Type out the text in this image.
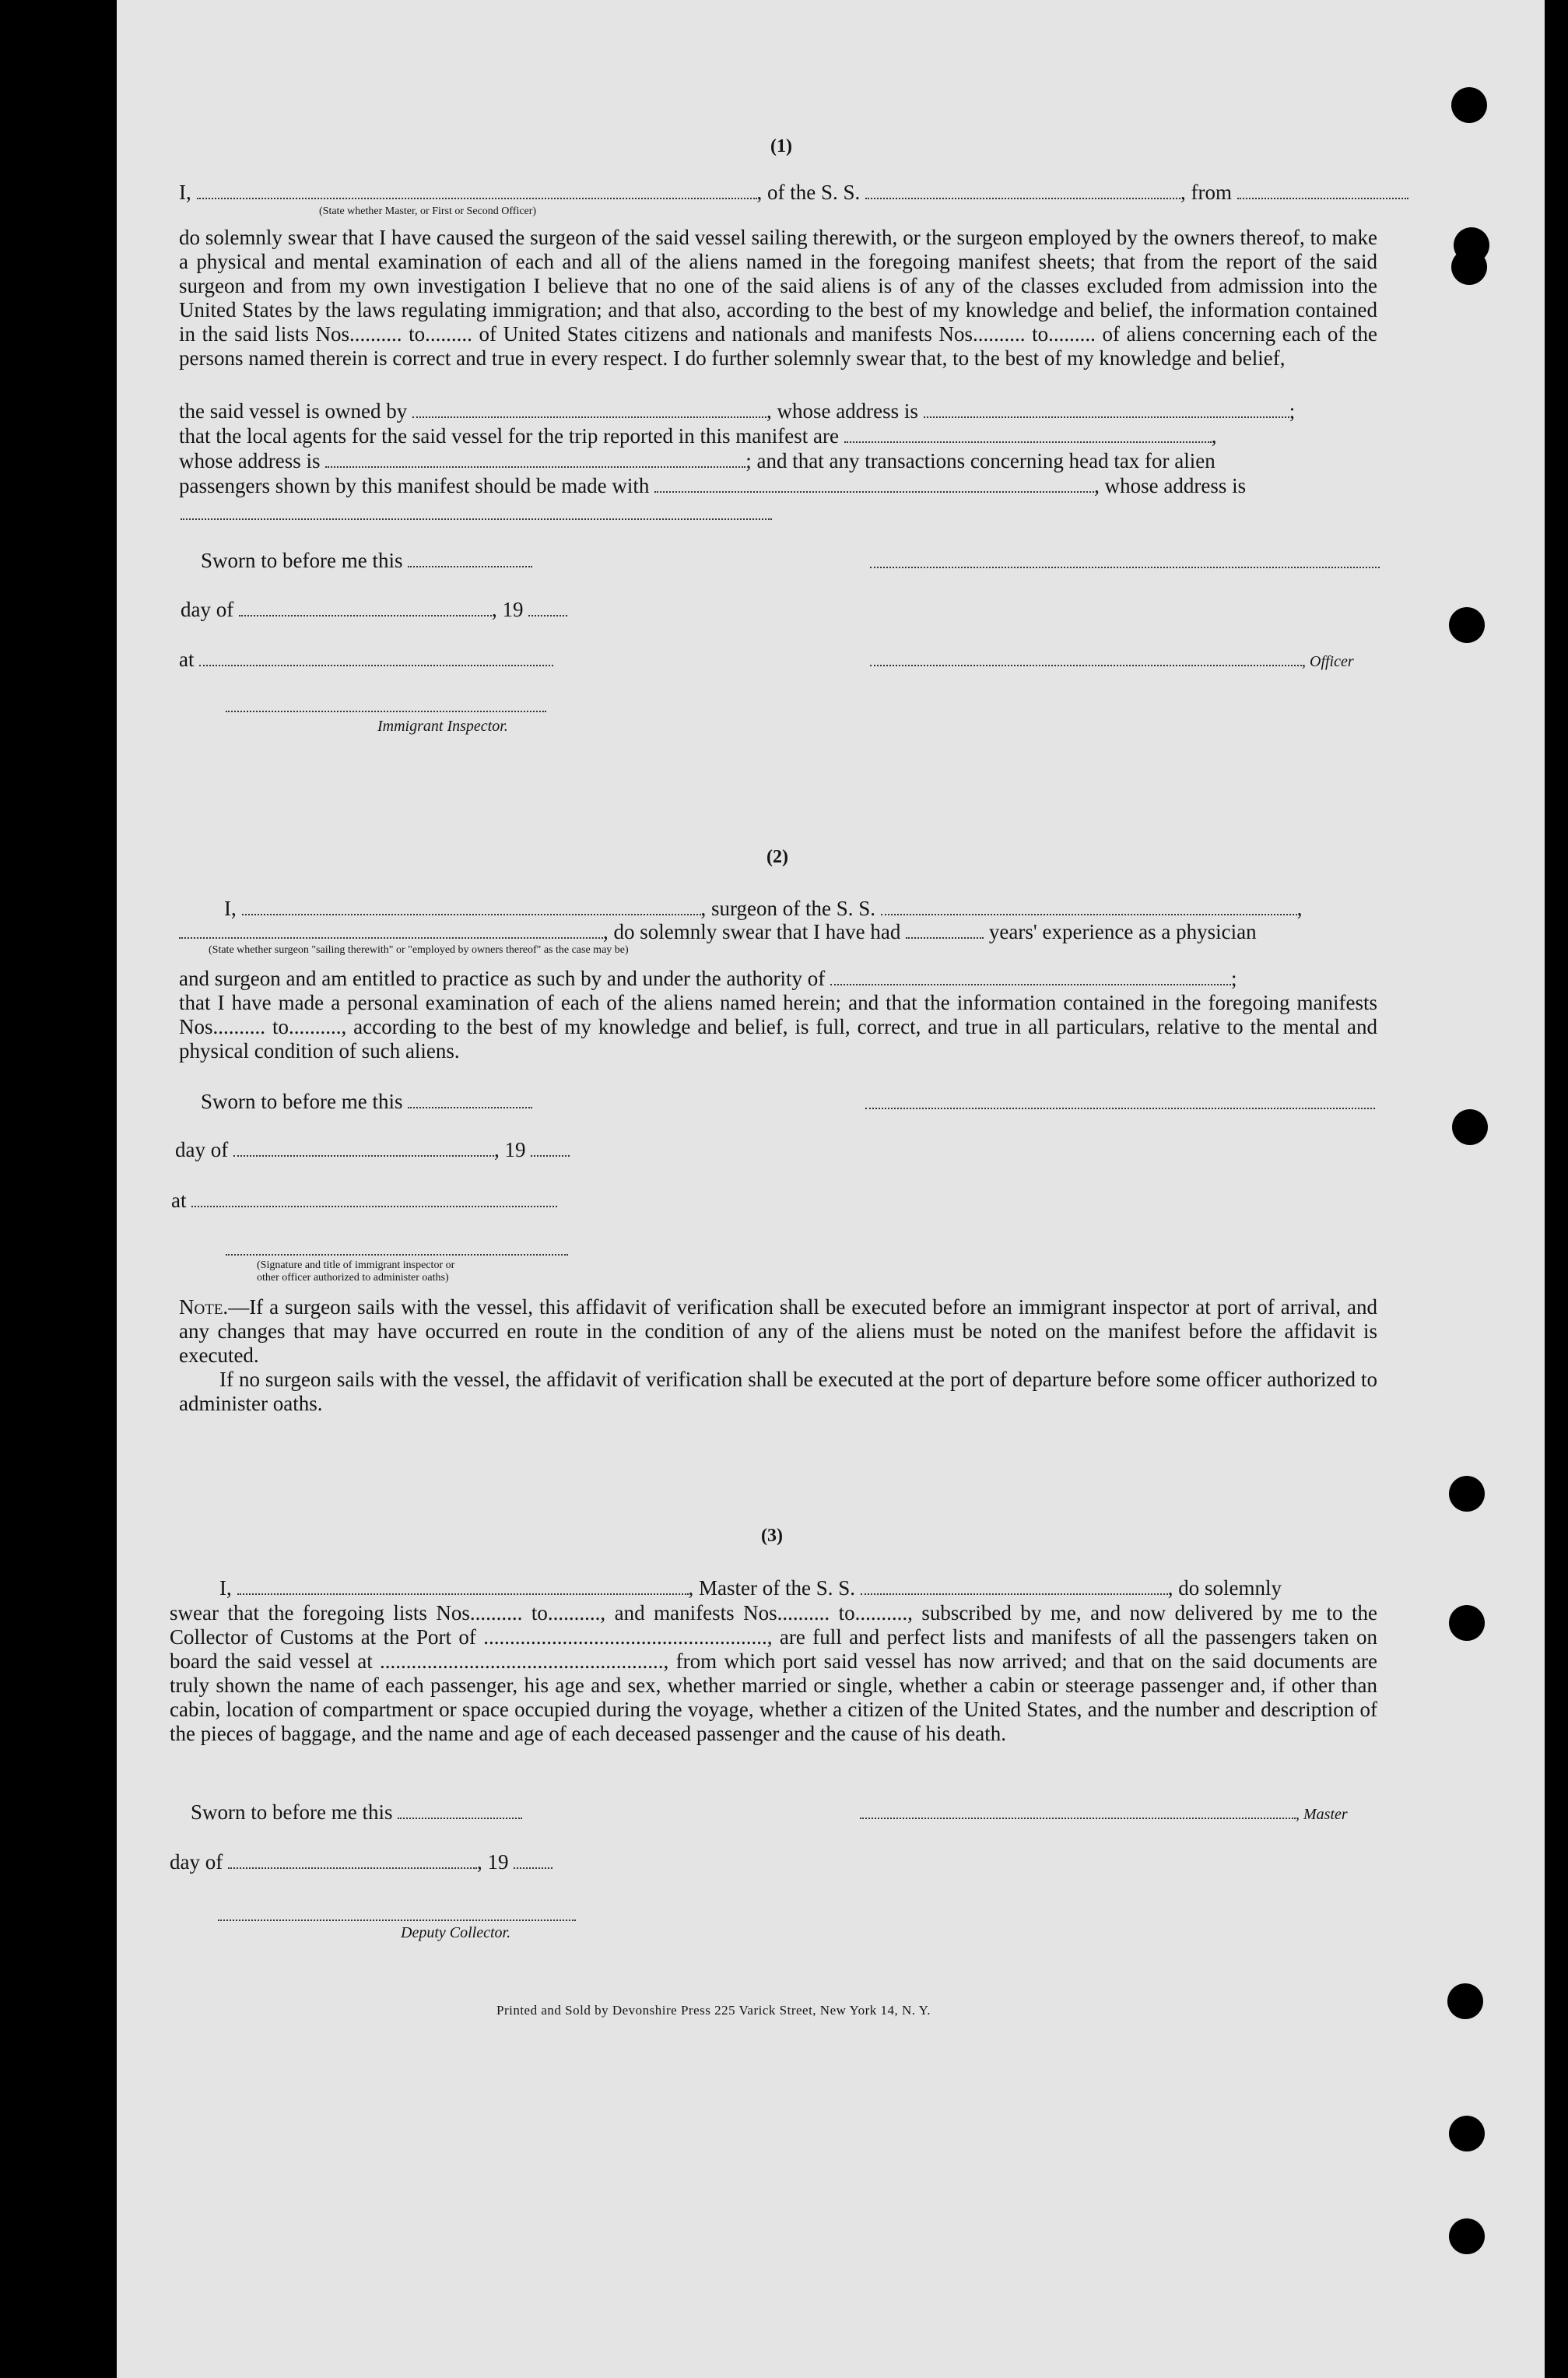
(1)
I,	, of the S. S.	, from
(State whether Master, or First or Second Officer)

do solemnly swear that I have caused the surgeon of the said vessel sailing therewith, or the surgeon employed by the owners thereof, to make a physical and mental examination of each and all of the aliens named in the foregoing manifest sheets; that from the report of the said surgeon and from my own investigation I believe that no one of the said aliens is of any of the classes excluded from admission into the United States by the laws regulating immigration; and that also, according to the best of my knowledge and belief, the information contained in the said lists Nos.......... to......... of United States citizens and nationals and manifests Nos.......... to......... of aliens concerning each of the persons named therein is correct and true in every respect. I do further solemnly swear that, to the best of my knowledge and belief,

the said vessel is owned by	, whose address is	;
that the local agents for the said vessel for the trip reported in this manifest are	,
whose address is	; and that any transactions concerning head tax for alien
passengers shown by this manifest should be made with	, whose address is
Sworn to before me this
day of	, 19
at	, Officer
Immigrant Inspector.
(2)
I,	, surgeon of the S. S.	,
, do solemnly swear that I have had	years' experience as a physician
(State whether surgeon "sailing therewith" or "employed by owners thereof" as the case may be)
and surgeon and am entitled to practice as such by and under the authority of	;

that I have made a personal examination of each of the aliens named herein; and that the information contained in the foregoing manifests Nos.......... to.........., according to the best of my knowledge and belief, is full, correct, and true in all particulars, relative to the mental and physical condition of such aliens.

Sworn to before me this
day of	, 19
at
(Signature and title of immigrant inspector or
other officer authorized to administer oaths)

Note.—If a surgeon sails with the vessel, this affidavit of verification shall be executed before an immigrant inspector at port of arrival, and any changes that may have occurred en route in the condition of any of the aliens must be noted on the manifest before the affidavit is executed.

If no surgeon sails with the vessel, the affidavit of verification shall be executed at the port of departure before some officer authorized to administer oaths.

(3)
I,	, Master of the S. S.	, do solemnly

swear that the foregoing lists Nos.......... to.........., and manifests Nos.......... to.........., subscribed by me, and now delivered by me to the Collector of Customs at the Port of ......................................................, are full and perfect lists and manifests of all the passengers taken on board the said vessel at ......................................................, from which port said vessel has now arrived; and that on the said documents are truly shown the name of each passenger, his age and sex, whether married or single, whether a cabin or steerage passenger and, if other than cabin, location of compartment or space occupied during the voyage, whether a citizen of the United States, and the number and description of the pieces of baggage, and the name and age of each deceased passenger and the cause of his death.

Sworn to before me this	, Master
day of	, 19
Deputy Collector.
Printed and Sold by Devonshire Press 225 Varick Street, New York 14, N. Y.
